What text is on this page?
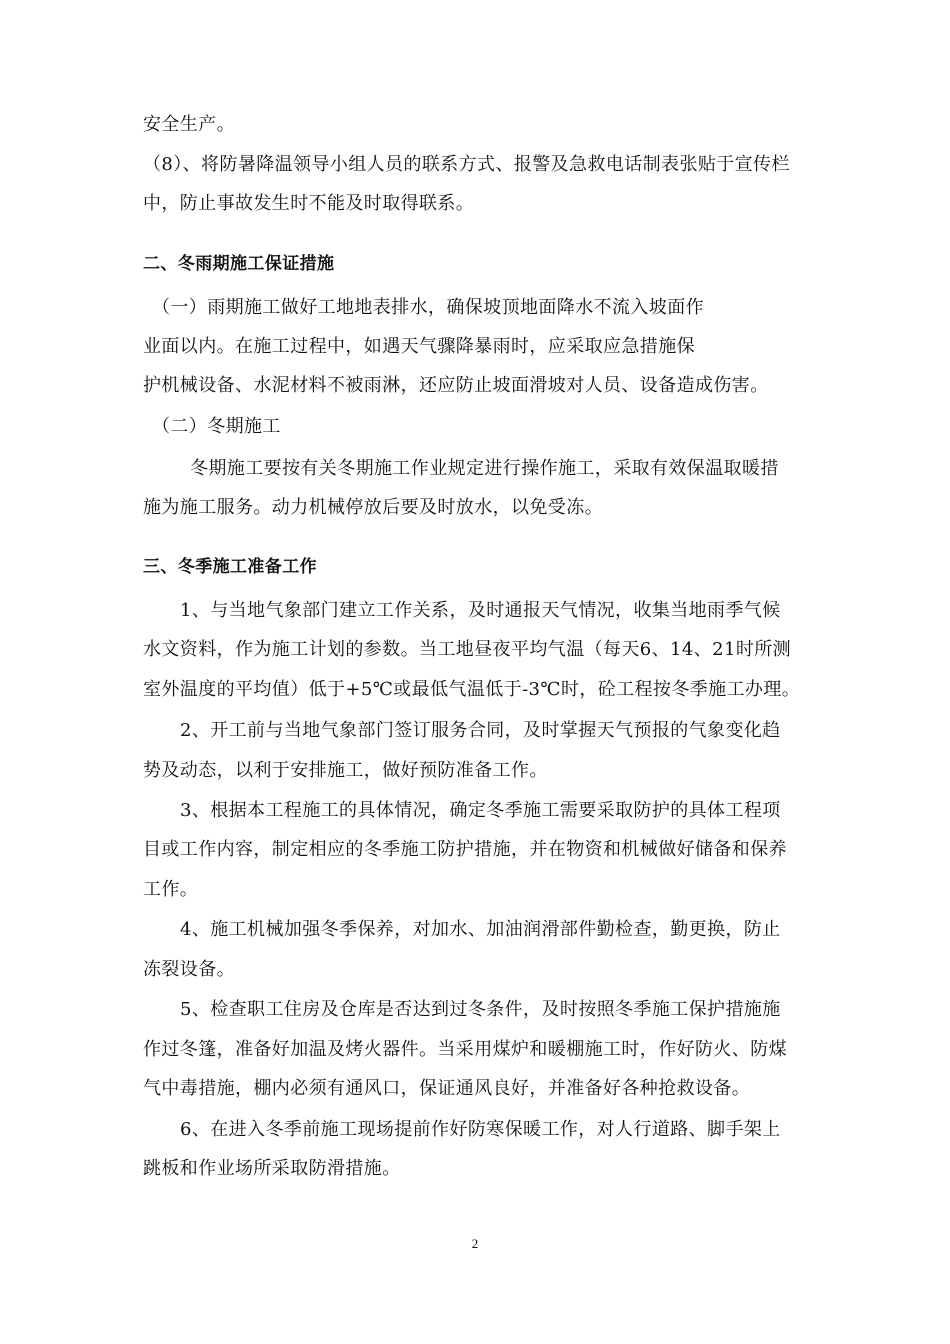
安全生产。
（8）、将防暑降温领导小组人员的联系方式、报警及急救电话制表张贴于宣传栏
中，防止事故发生时不能及时取得联系。
二、冬雨期施工保证措施
（一）雨期施工做好工地地表排水，确保坡顶地面降水不流入坡面作
业面以内。在施工过程中，如遇天气骤降暴雨时，应采取应急措施保
护机械设备、水泥材料不被雨淋，还应防止坡面滑坡对人员、设备造成伤害。
（二）冬期施工
冬期施工要按有关冬期施工作业规定进行操作施工，采取有效保温取暖措
施为施工服务。动力机械停放后要及时放水，以免受冻。
三、冬季施工准备工作
1、与当地气象部门建立工作关系，及时通报天气情况，收集当地雨季气候
水文资料，作为施工计划的参数。当工地昼夜平均气温（每天6、14、21时所测
室外温度的平均值）低于+5℃或最低气温低于-3℃时，砼工程按冬季施工办理。
2、开工前与当地气象部门签订服务合同，及时掌握天气预报的气象变化趋
势及动态，以利于安排施工，做好预防准备工作。
3、根据本工程施工的具体情况，确定冬季施工需要采取防护的具体工程项
目或工作内容，制定相应的冬季施工防护措施，并在物资和机械做好储备和保养
工作。
4、施工机械加强冬季保养，对加水、加油润滑部件勤检查，勤更换，防止
冻裂设备。
5、检查职工住房及仓库是否达到过冬条件，及时按照冬季施工保护措施施
作过冬篷，准备好加温及烤火器件。当采用煤炉和暖棚施工时，作好防火、防煤
气中毒措施，棚内必须有通风口，保证通风良好，并准备好各种抢救设备。
6、在进入冬季前施工现场提前作好防寒保暖工作，对人行道路、脚手架上
跳板和作业场所采取防滑措施。
2
